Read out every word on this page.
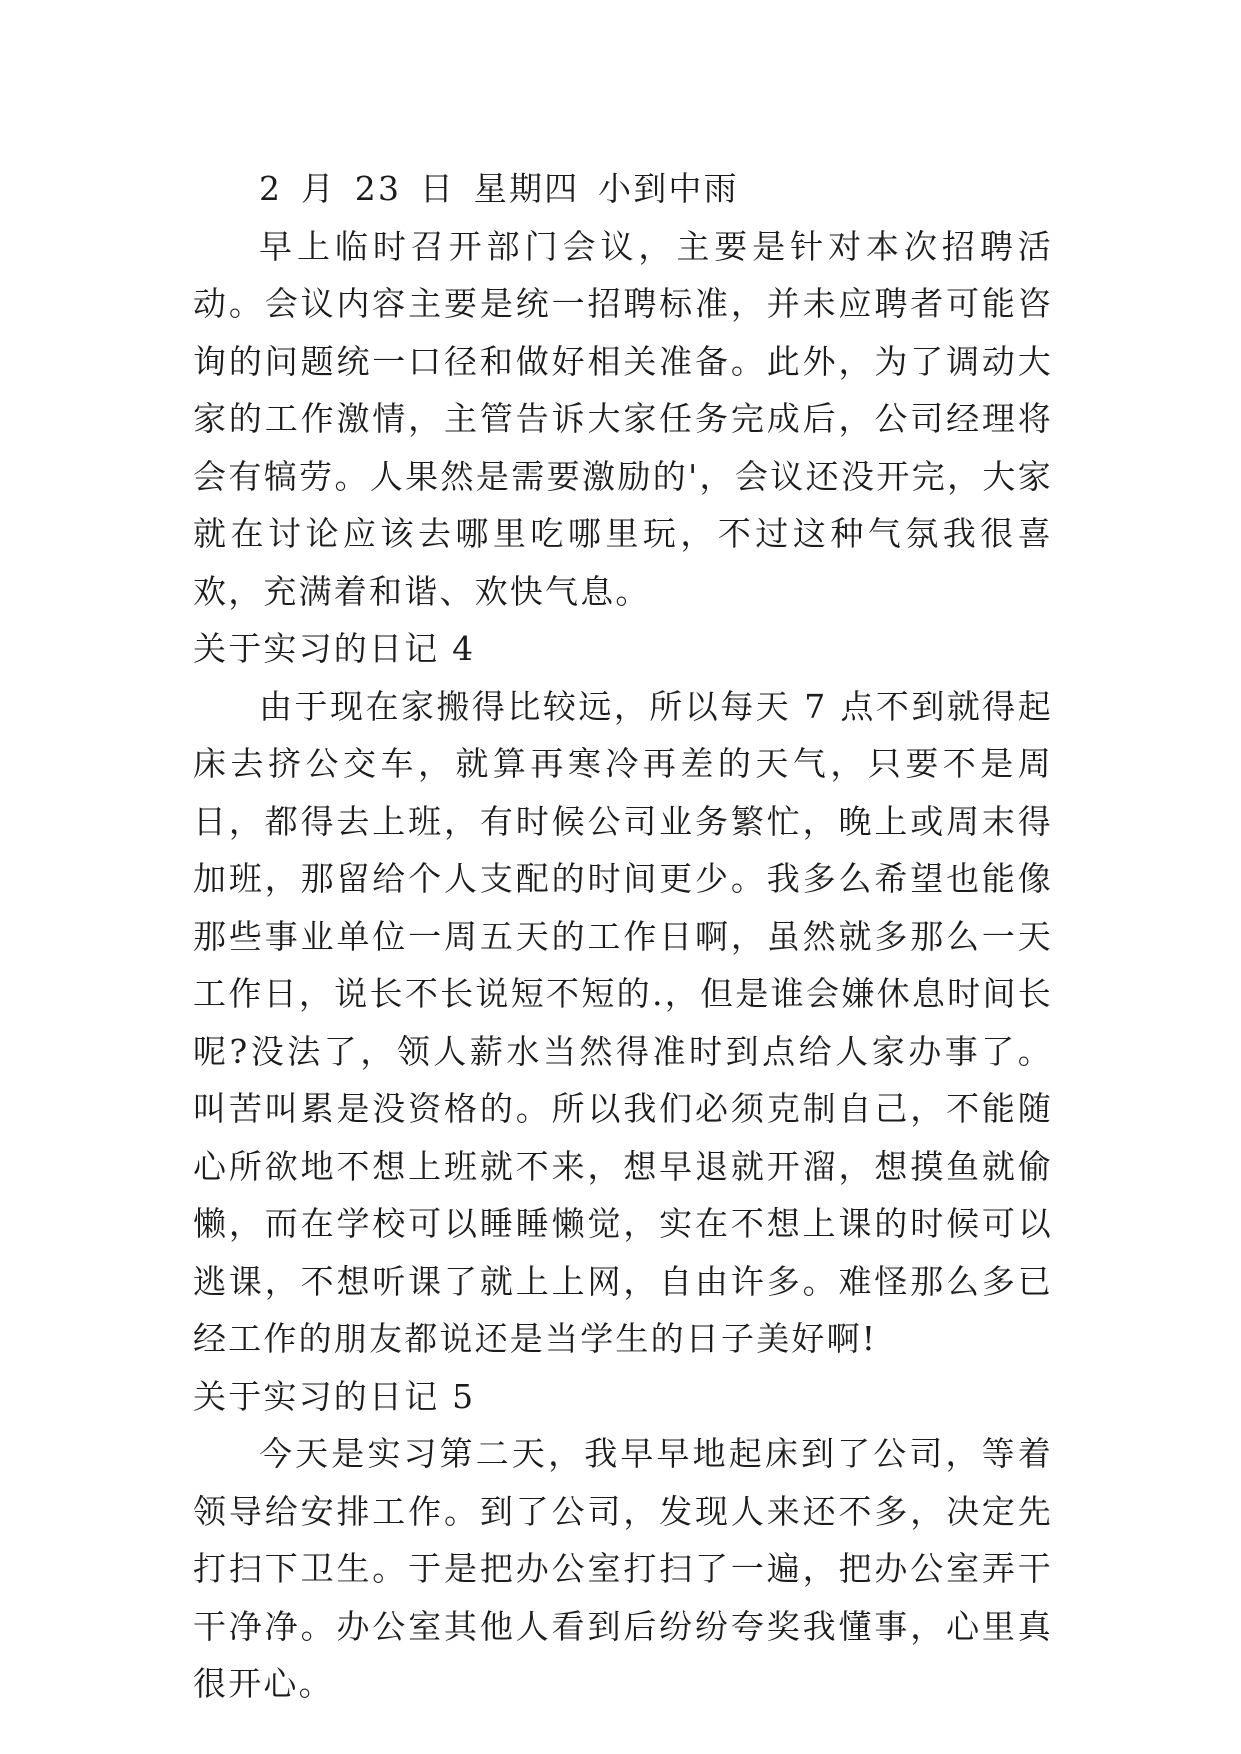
2 月 23 日 星期四 小到中雨

早上临时召开部门会议，主要是针对本次招聘活动。会议内容主要是统一招聘标准，并未应聘者可能咨询的问题统一口径和做好相关准备。此外，为了调动大家的工作激情，主管告诉大家任务完成后，公司经理将会有犒劳。人果然是需要激励的'，会议还没开完，大家就在讨论应该去哪里吃哪里玩，不过这种气氛我很喜欢，充满着和谐、欢快气息。

关于实习的日记 4

由于现在家搬得比较远，所以每天 7 点不到就得起床去挤公交车，就算再寒冷再差的天气，只要不是周日，都得去上班，有时候公司业务繁忙，晚上或周末得加班，那留给个人支配的时间更少。我多么希望也能像那些事业单位一周五天的工作日啊，虽然就多那么一天工作日，说长不长说短不短的.，但是谁会嫌休息时间长呢?没法了，领人薪水当然得准时到点给人家办事了。叫苦叫累是没资格的。所以我们必须克制自己，不能随心所欲地不想上班就不来，想早退就开溜，想摸鱼就偷懒，而在学校可以睡睡懒觉，实在不想上课的时候可以逃课，不想听课了就上上网，自由许多。难怪那么多已经工作的朋友都说还是当学生的日子美好啊!

关于实习的日记 5

今天是实习第二天，我早早地起床到了公司，等着领导给安排工作。到了公司，发现人来还不多，决定先打扫下卫生。于是把办公室打扫了一遍，把办公室弄干干净净。办公室其他人看到后纷纷夸奖我懂事，心里真很开心。
